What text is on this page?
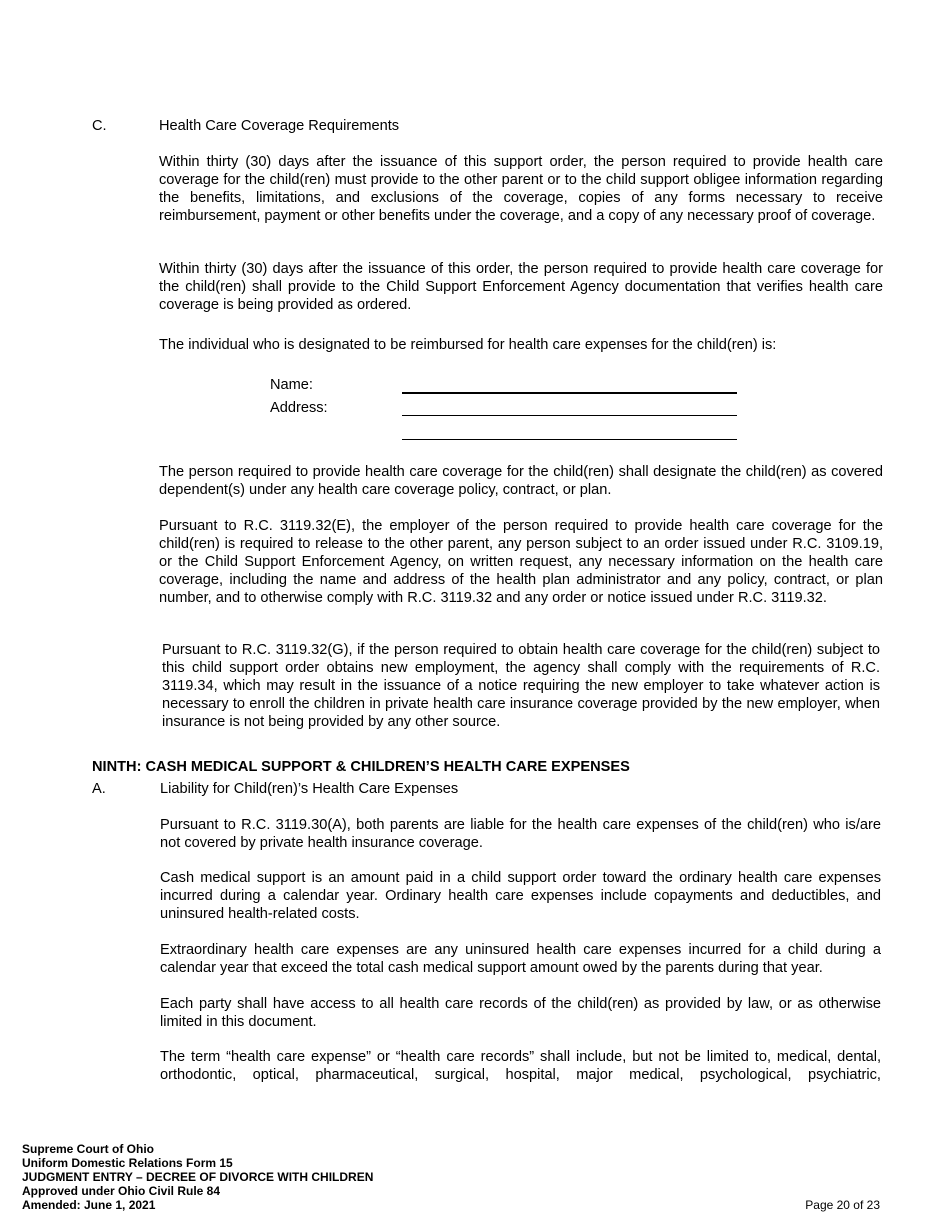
C.	Health Care Coverage Requirements

Within thirty (30) days after the issuance of this support order, the person required to provide health care coverage for the child(ren) must provide to the other parent or to the child support obligee information regarding the benefits, limitations, and exclusions of the coverage, copies of any forms necessary to receive reimbursement, payment or other benefits under the coverage, and a copy of any necessary proof of coverage.

Within thirty (30) days after the issuance of this order, the person required to provide health care coverage for the child(ren) shall provide to the Child Support Enforcement Agency documentation that verifies health care coverage is being provided as ordered.

The individual who is designated to be reimbursed for health care expenses for the child(ren) is:

Name:
Address:

The person required to provide health care coverage for the child(ren) shall designate the child(ren) as covered dependent(s) under any health care coverage policy, contract, or plan.

Pursuant to R.C. 3119.32(E), the employer of the person required to provide health care coverage for the child(ren) is required to release to the other parent, any person subject to an order issued under R.C. 3109.19, or the Child Support Enforcement Agency, on written request, any necessary information on the health care coverage, including the name and address of the health plan administrator and any policy, contract, or plan number, and to otherwise comply with R.C. 3119.32 and any order or notice issued under R.C. 3119.32.

Pursuant to R.C. 3119.32(G), if the person required to obtain health care coverage for the child(ren) subject to this child support order obtains new employment, the agency shall comply with the requirements of R.C. 3119.34, which may result in the issuance of a notice requiring the new employer to take whatever action is necessary to enroll the children in private health care insurance coverage provided by the new employer, when insurance is not being provided by any other source.

NINTH: CASH MEDICAL SUPPORT & CHILDREN’S HEALTH CARE EXPENSES
A.	Liability for Child(ren)’s Health Care Expenses

Pursuant to R.C. 3119.30(A), both parents are liable for the health care expenses of the child(ren) who is/are not covered by private health insurance coverage.

Cash medical support is an amount paid in a child support order toward the ordinary health care expenses incurred during a calendar year. Ordinary health care expenses include copayments and deductibles, and uninsured health-related costs.

Extraordinary health care expenses are any uninsured health care expenses incurred for a child during a calendar year that exceed the total cash medical support amount owed by the parents during that year.

Each party shall have access to all health care records of the child(ren) as provided by law, or as otherwise limited in this document.

The term “health care expense” or “health care records” shall include, but not be limited to, medical, dental, orthodontic, optical, pharmaceutical, surgical, hospital, major medical, psychological, psychiatric,

Supreme Court of Ohio
Uniform Domestic Relations Form 15
JUDGMENT ENTRY – DECREE OF DIVORCE WITH CHILDREN
Approved under Ohio Civil Rule 84
Amended: June 1, 2021	Page 20 of 23
